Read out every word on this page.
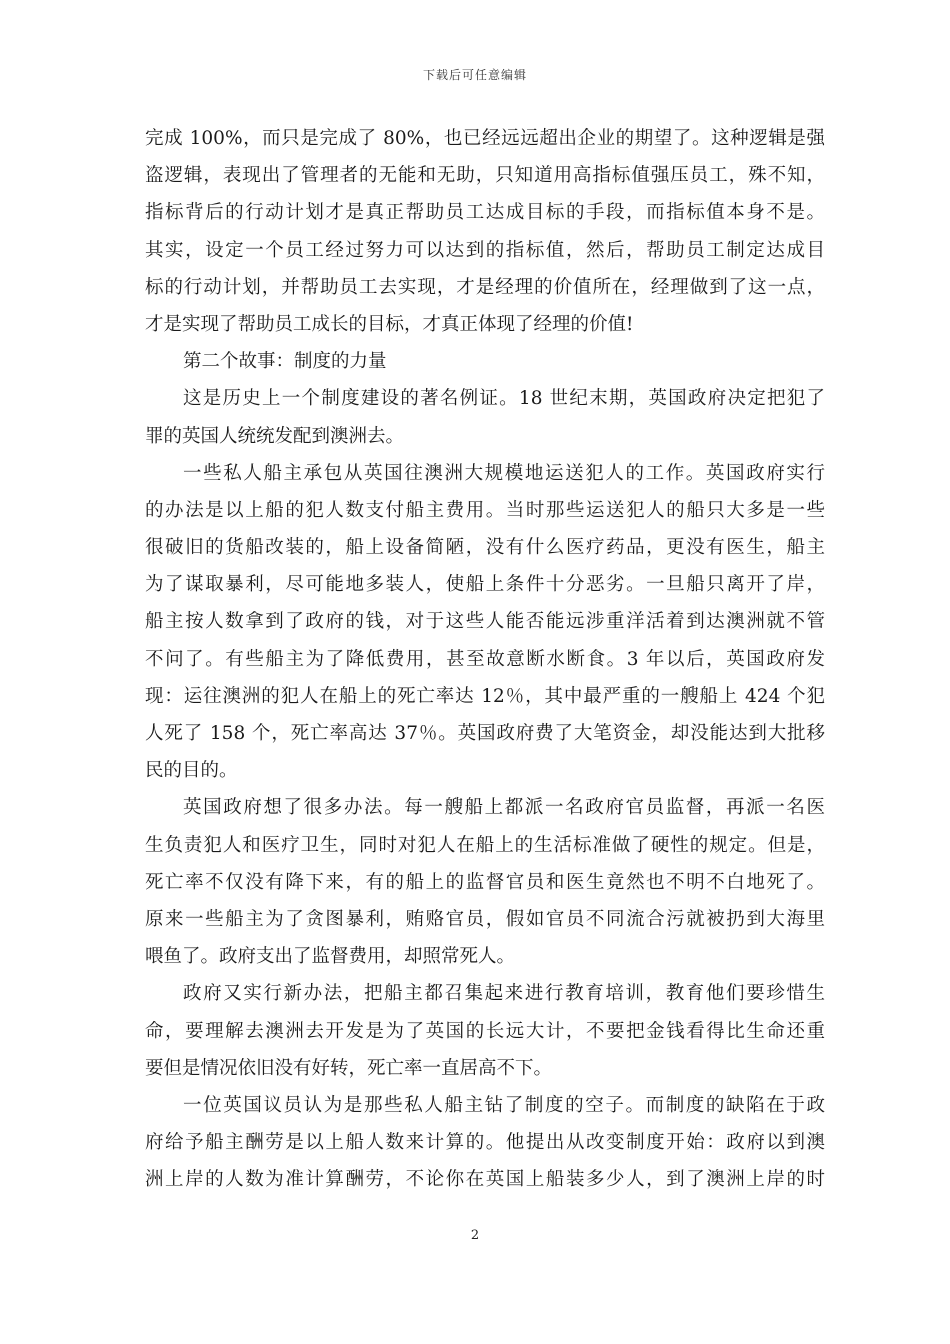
下载后可任意编辑
完成 100%，而只是完成了 80%，也已经远远超出企业的期望了。这种逻辑是强
盗逻辑，表现出了管理者的无能和无助，只知道用高指标值强压员工，殊不知，
指标背后的行动计划才是真正帮助员工达成目标的手段，而指标值本身不是。
其实，设定一个员工经过努力可以达到的指标值，然后，帮助员工制定达成目
标的行动计划，并帮助员工去实现，才是经理的价值所在，经理做到了这一点，
才是实现了帮助员工成长的目标，才真正体现了经理的价值!
第二个故事：制度的力量
这是历史上一个制度建设的著名例证。18 世纪末期，英国政府决定把犯了
罪的英国人统统发配到澳洲去。
一些私人船主承包从英国往澳洲大规模地运送犯人的工作。英国政府实行
的办法是以上船的犯人数支付船主费用。当时那些运送犯人的船只大多是一些
很破旧的货船改装的，船上设备简陋，没有什么医疗药品，更没有医生，船主
为了谋取暴利，尽可能地多装人，使船上条件十分恶劣。一旦船只离开了岸，
船主按人数拿到了政府的钱，对于这些人能否能远涉重洋活着到达澳洲就不管
不问了。有些船主为了降低费用，甚至故意断水断食。3 年以后，英国政府发
现：运往澳洲的犯人在船上的死亡率达 12％，其中最严重的一艘船上 424 个犯
人死了 158 个，死亡率高达 37％。英国政府费了大笔资金，却没能达到大批移
民的目的。
英国政府想了很多办法。每一艘船上都派一名政府官员监督，再派一名医
生负责犯人和医疗卫生，同时对犯人在船上的生活标准做了硬性的规定。但是，
死亡率不仅没有降下来，有的船上的监督官员和医生竟然也不明不白地死了。
原来一些船主为了贪图暴利，贿赂官员，假如官员不同流合污就被扔到大海里
喂鱼了。政府支出了监督费用，却照常死人。
政府又实行新办法，把船主都召集起来进行教育培训，教育他们要珍惜生
命，要理解去澳洲去开发是为了英国的长远大计，不要把金钱看得比生命还重
要但是情况依旧没有好转，死亡率一直居高不下。
一位英国议员认为是那些私人船主钻了制度的空子。而制度的缺陷在于政
府给予船主酬劳是以上船人数来计算的。他提出从改变制度开始：政府以到澳
洲上岸的人数为准计算酬劳，不论你在英国上船装多少人，到了澳洲上岸的时
2
